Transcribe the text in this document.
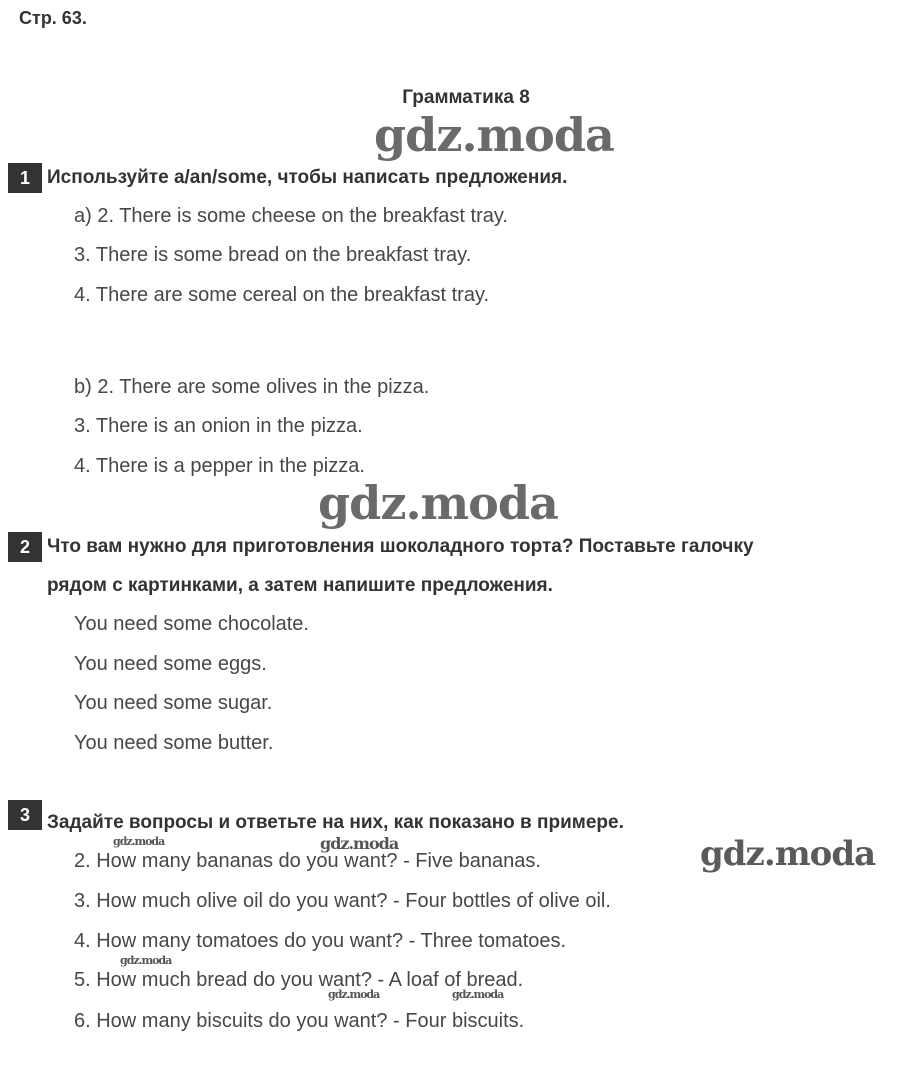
Стр. 63.
Грамматика 8
gdz.moda
gdz.moda
gdz.moda
gdz.moda
gdz.moda
gdz.moda
gdz.moda	gdz.moda
1 Используйте a/an/some, чтобы написать предложения.
a) 2. There is some cheese on the breakfast tray.
3. There is some bread on the breakfast tray.
4. There are some cereal on the breakfast tray.
b) 2. There are some olives in the pizza.
3. There is an onion in the pizza.
4. There is a pepper in the pizza.
2 Что вам нужно для приготовления шоколадного торта? Поставьте галочку
рядом с картинками, а затем напишите предложения.
You need some chocolate.
You need some eggs.
You need some sugar.
You need some butter.
3 Задайте вопросы и ответьте на них, как показано в примере.
2. How many bananas do you want? - Five bananas.
3. How much olive oil do you want? - Four bottles of olive oil.
4. How many tomatoes do you want? - Three tomatoes.
5. How much bread do you want? - A loaf of bread.
6. How many biscuits do you want? - Four biscuits.
